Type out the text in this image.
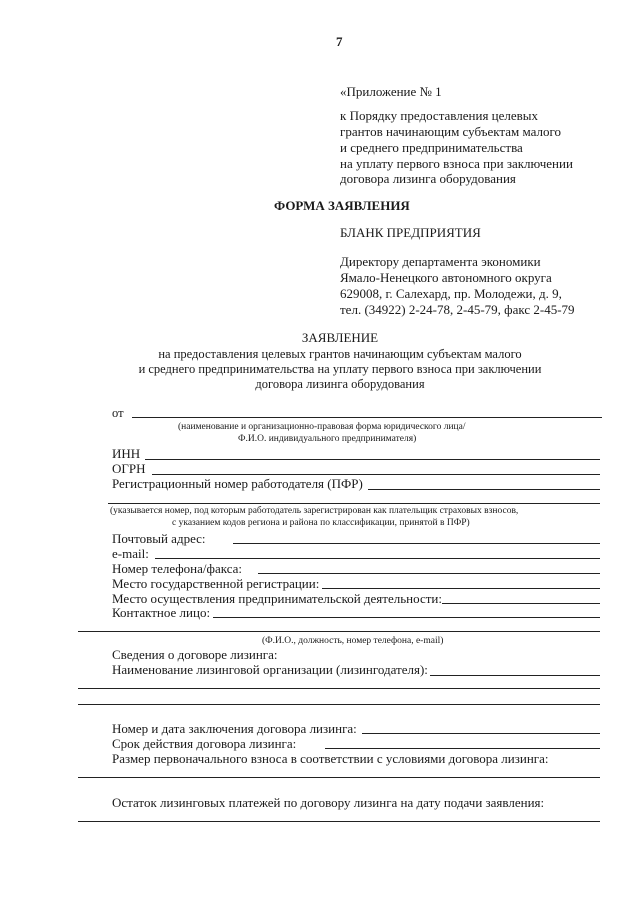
7
«Приложение № 1
к Порядку предоставления целевых
грантов начинающим субъектам малого
и среднего предпринимательства
на уплату первого взноса при заключении
договора лизинга оборудования
ФОРМА ЗАЯВЛЕНИЯ
БЛАНК ПРЕДПРИЯТИЯ
Директору департамента экономики
Ямало-Ненецкого автономного округа
629008, г. Салехард, пр. Молодежи, д. 9,
тел. (34922) 2-24-78, 2-45-79, факс 2-45-79
ЗАЯВЛЕНИЕ
на предоставления целевых грантов начинающим субъектам малого
и среднего предпринимательства на уплату первого взноса при заключении
договора лизинга оборудования
от
(наименование и организационно-правовая форма юридического лица/
Ф.И.О. индивидуального предпринимателя)
ИНН
ОГРН
Регистрационный номер работодателя (ПФР)
(указывается номер, под которым работодатель зарегистрирован как плательщик страховых взносов,
с указанием кодов региона и района по классификации, принятой в ПФР)
Почтовый адрес:
e-mail:
Номер телефона/факса:
Место государственной регистрации:
Место осуществления предпринимательской деятельности:
Контактное лицо:
(Ф.И.О., должность, номер телефона, e-mail)
Сведения о договоре лизинга:
Наименование лизинговой организации (лизингодателя):
Номер и дата заключения договора лизинга:
Срок действия договора лизинга:
Размер первоначального взноса в соответствии с условиями договора лизинга:
Остаток лизинговых платежей по договору лизинга на дату подачи заявления:
